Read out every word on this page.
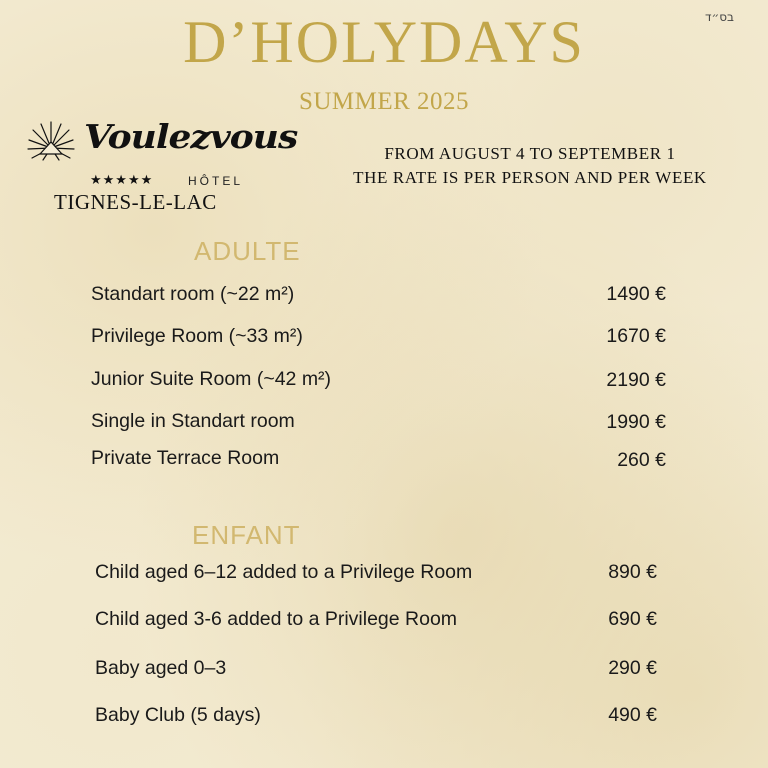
בס״ד
D’HOLYDAYS
SUMMER 2025
Voulezvous
★★★★★	HÔTEL
TIGNES-LE-LAC
FROM AUGUST 4 TO SEPTEMBER 1
THE RATE IS PER PERSON AND PER WEEK
ADULTE
Standart room (~22 m²)	1490 €
Privilege Room (~33 m²)	1670 €
Junior Suite Room (~42 m²)	2190 €
Single in Standart room	1990 €
Private Terrace Room	260 €
ENFANT
Child aged 6–12 added to a Privilege Room	890 €
Child aged 3-6 added to a Privilege Room	690 €
Baby aged 0–3	290 €
Baby Club (5 days)	490 €
